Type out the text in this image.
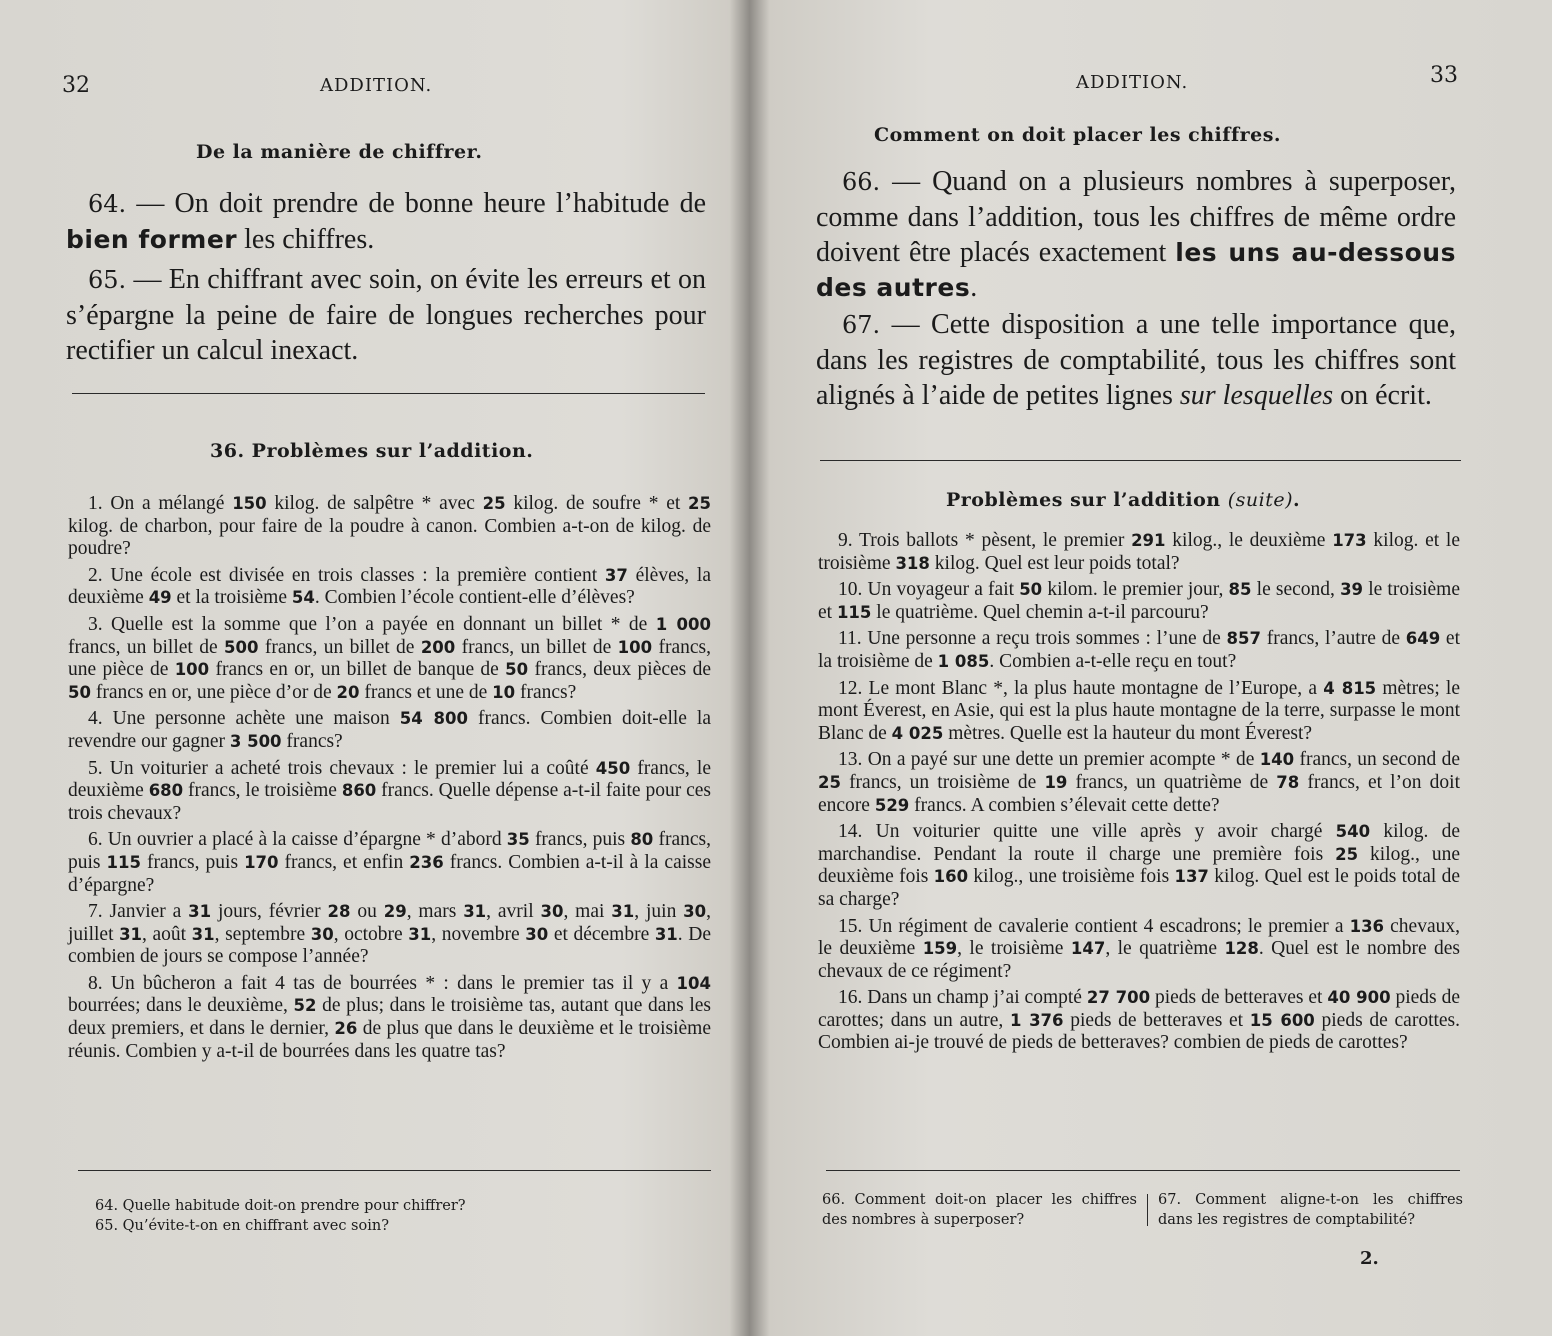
32	ADDITION.
De la manière de chiffrer.

64. — On doit prendre de bonne heure l’habitude de bien former les chiffres.

65. — En chiffrant avec soin, on évite les erreurs et on s’épargne la peine de faire de longues recherches pour rectifier un calcul inexact.

36. Problèmes sur l’addition.

1. On a mélangé 150 kilog. de salpêtre * avec 25 kilog. de soufre * et 25 kilog. de charbon, pour faire de la poudre à canon. Combien a-t-on de kilog. de poudre?

2. Une école est divisée en trois classes : la première contient 37 élèves, la deuxième 49 et la troisième 54. Combien l’école contient-elle d’élèves?

3. Quelle est la somme que l’on a payée en donnant un billet * de 1 000 francs, un billet de 500 francs, un billet de 200 francs, un billet de 100 francs, une pièce de 100 francs en or, un billet de banque de 50 francs, deux pièces de 50 francs en or, une pièce d’or de 20 francs et une de 10 francs?

4. Une personne achète une maison 54 800 francs. Combien doit-elle la revendre our gagner 3 500 francs?

5. Un voiturier a acheté trois chevaux : le premier lui a coûté 450 francs, le deuxième 680 francs, le troisième 860 francs. Quelle dépense a-t-il faite pour ces trois chevaux?

6. Un ouvrier a placé à la caisse d’épargne * d’abord 35 francs, puis 80 francs, puis 115 francs, puis 170 francs, et enfin 236 francs. Combien a-t-il à la caisse d’épargne?

7. Janvier a 31 jours, février 28 ou 29, mars 31, avril 30, mai 31, juin 30, juillet 31, août 31, septembre 30, octobre 31, novembre 30 et décembre 31. De combien de jours se compose l’année?

8. Un bûcheron a fait 4 tas de bourrées * : dans le premier tas il y a 104 bourrées; dans le deuxième, 52 de plus; dans le troisième tas, autant que dans les deux premiers, et dans le dernier, 26 de plus que dans le deuxième et le troisième réunis. Combien y a-t-il de bourrées dans les quatre tas?

64. Quelle habitude doit-on prendre pour chiffrer?

65. Qu’évite-t-on en chiffrant avec soin?

ADDITION.	33
Comment on doit placer les chiffres.

66. — Quand on a plusieurs nombres à superposer, comme dans l’addition, tous les chiffres de même ordre doivent être placés exactement les uns au-dessous des autres.

67. — Cette disposition a une telle importance que, dans les registres de comptabilité, tous les chiffres sont alignés à l’aide de petites lignes sur lesquelles on écrit.

Problèmes sur l’addition (suite).

9. Trois ballots * pèsent, le premier 291 kilog., le deuxième 173 kilog. et le troisième 318 kilog. Quel est leur poids total?

10. Un voyageur a fait 50 kilom. le premier jour, 85 le second, 39 le troisième et 115 le quatrième. Quel chemin a-t-il parcouru?

11. Une personne a reçu trois sommes : l’une de 857 francs, l’autre de 649 et la troisième de 1 085. Combien a-t-elle reçu en tout?

12. Le mont Blanc *, la plus haute montagne de l’Europe, a 4 815 mètres; le mont Éverest, en Asie, qui est la plus haute montagne de la terre, surpasse le mont Blanc de 4 025 mètres. Quelle est la hauteur du mont Éverest?

13. On a payé sur une dette un premier acompte * de 140 francs, un second de 25 francs, un troisième de 19 francs, un quatrième de 78 francs, et l’on doit encore 529 francs. A combien s’élevait cette dette?

14. Un voiturier quitte une ville après y avoir chargé 540 kilog. de marchandise. Pendant la route il charge une première fois 25 kilog., une deuxième fois 160 kilog., une troisième fois 137 kilog. Quel est le poids total de sa charge?

15. Un régiment de cavalerie contient 4 escadrons; le premier a 136 chevaux, le deuxième 159, le troisième 147, le quatrième 128. Quel est le nombre des chevaux de ce régiment?

16. Dans un champ j’ai compté 27 700 pieds de betteraves et 40 900 pieds de carottes; dans un autre, 1 376 pieds de betteraves et 15 600 pieds de carottes. Combien ai-je trouvé de pieds de betteraves? combien de pieds de carottes?

66. Comment doit-on placer les chiffres des nombres à superposer?
67. Comment aligne-t-on les chiffres dans les registres de comptabilité?
2.
